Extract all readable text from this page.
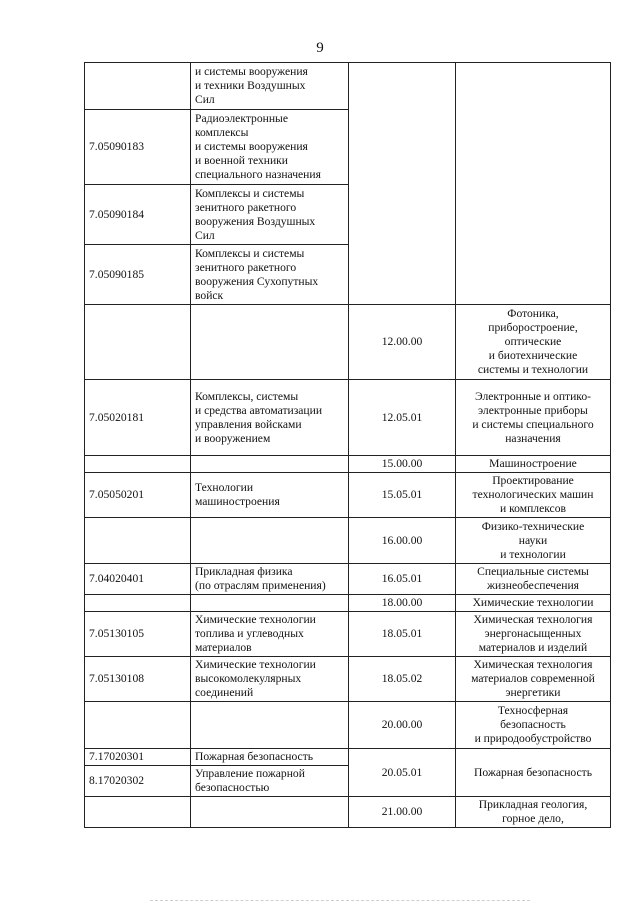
9
	и системы вооружения
и техники Воздушных
Сил		
7.05090183	Радиоэлектронные
комплексы
и системы вооружения
и военной техники
специального назначения		
7.05090184	Комплексы и системы
зенитного ракетного
вооружения Воздушных
Сил		
7.05090185	Комплексы и системы
зенитного ракетного
вооружения Сухопутных
войск		
		12.00.00	Фотоника,
приборостроение,
оптические
и биотехнические
системы и технологии
7.05020181	Комплексы, системы
и средства автоматизации
управления войсками
и вооружением	12.05.01	Электронные и оптико-
электронные приборы
и системы специального
назначения
		15.00.00	Машиностроение
7.05050201	Технологии
машиностроения	15.05.01	Проектирование
технологических машин
и комплексов
		16.00.00	Физико-технические
науки
и технологии
7.04020401	Прикладная физика
(по отраслям применения)	16.05.01	Специальные системы
жизнеобеспечения
		18.00.00	Химические технологии
7.05130105	Химические технологии
топлива и углеводных
материалов	18.05.01	Химическая технология
энергонасыщенных
материалов и изделий
7.05130108	Химические технологии
высокомолекулярных
соединений	18.05.02	Химическая технология
материалов современной
энергетики
		20.00.00	Техносферная
безопасность
и природообустройство
7.17020301	Пожарная безопасность	20.05.01	Пожарная безопасность
8.17020302	Управление пожарной
безопасностью		
		21.00.00	Прикладная геология,
горное дело,
